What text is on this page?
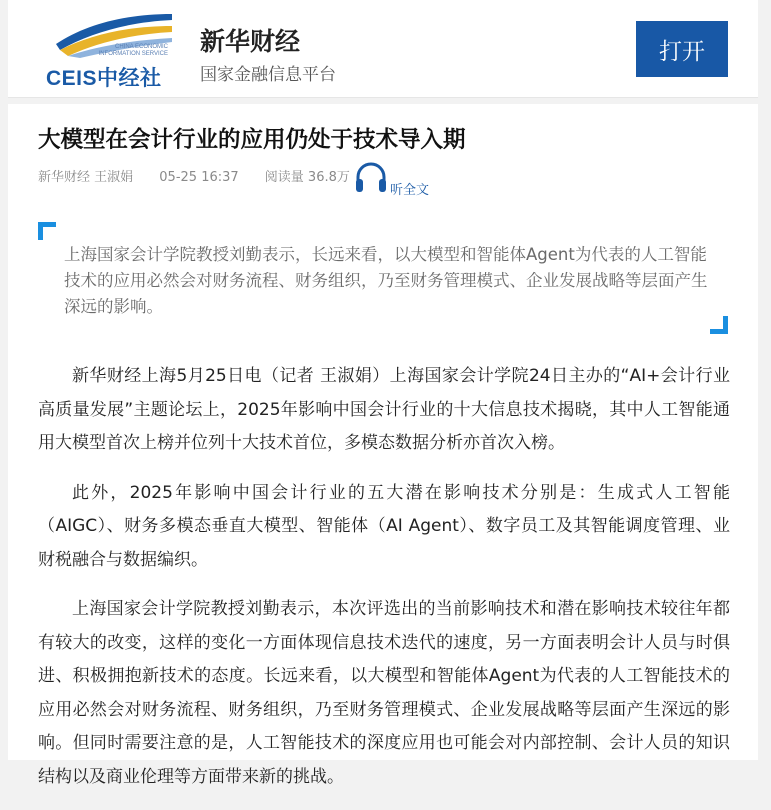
CHINA ECONOMIC INFORMATION SERVICE
CEIS中经社
新华财经
国家金融信息平台
打开
大模型在会计行业的应用仍处于技术导入期
新华财经 王淑娟 05-25 16:37 阅读量 36.8万
听全文
上海国家会计学院教授刘勤表示，长远来看，以大模型和智能体Agent为代表的人工智能技术的应用必然会对财务流程、财务组织，乃至财务管理模式、企业发展战略等层面产生深远的影响。

新华财经上海5月25日电（记者 王淑娟）上海国家会计学院24日主办的“AI+会计行业高质量发展”主题论坛上，2025年影响中国会计行业的十大信息技术揭晓，其中人工智能通用大模型首次上榜并位列十大技术首位，多模态数据分析亦首次入榜。

此外，2025年影响中国会计行业的五大潜在影响技术分别是：生成式人工智能（AIGC）、财务多模态垂直大模型、智能体（AI Agent）、数字员工及其智能调度管理、业财税融合与数据编织。

上海国家会计学院教授刘勤表示，本次评选出的当前影响技术和潜在影响技术较往年都有较大的改变，这样的变化一方面体现信息技术迭代的速度，另一方面表明会计人员与时俱进、积极拥抱新技术的态度。长远来看，以大模型和智能体Agent为代表的人工智能技术的应用必然会对财务流程、财务组织，乃至财务管理模式、企业发展战略等层面产生深远的影响。但同时需要注意的是，人工智能技术的深度应用也可能会对内部控制、会计人员的知识结构以及商业伦理等方面带来新的挑战。
